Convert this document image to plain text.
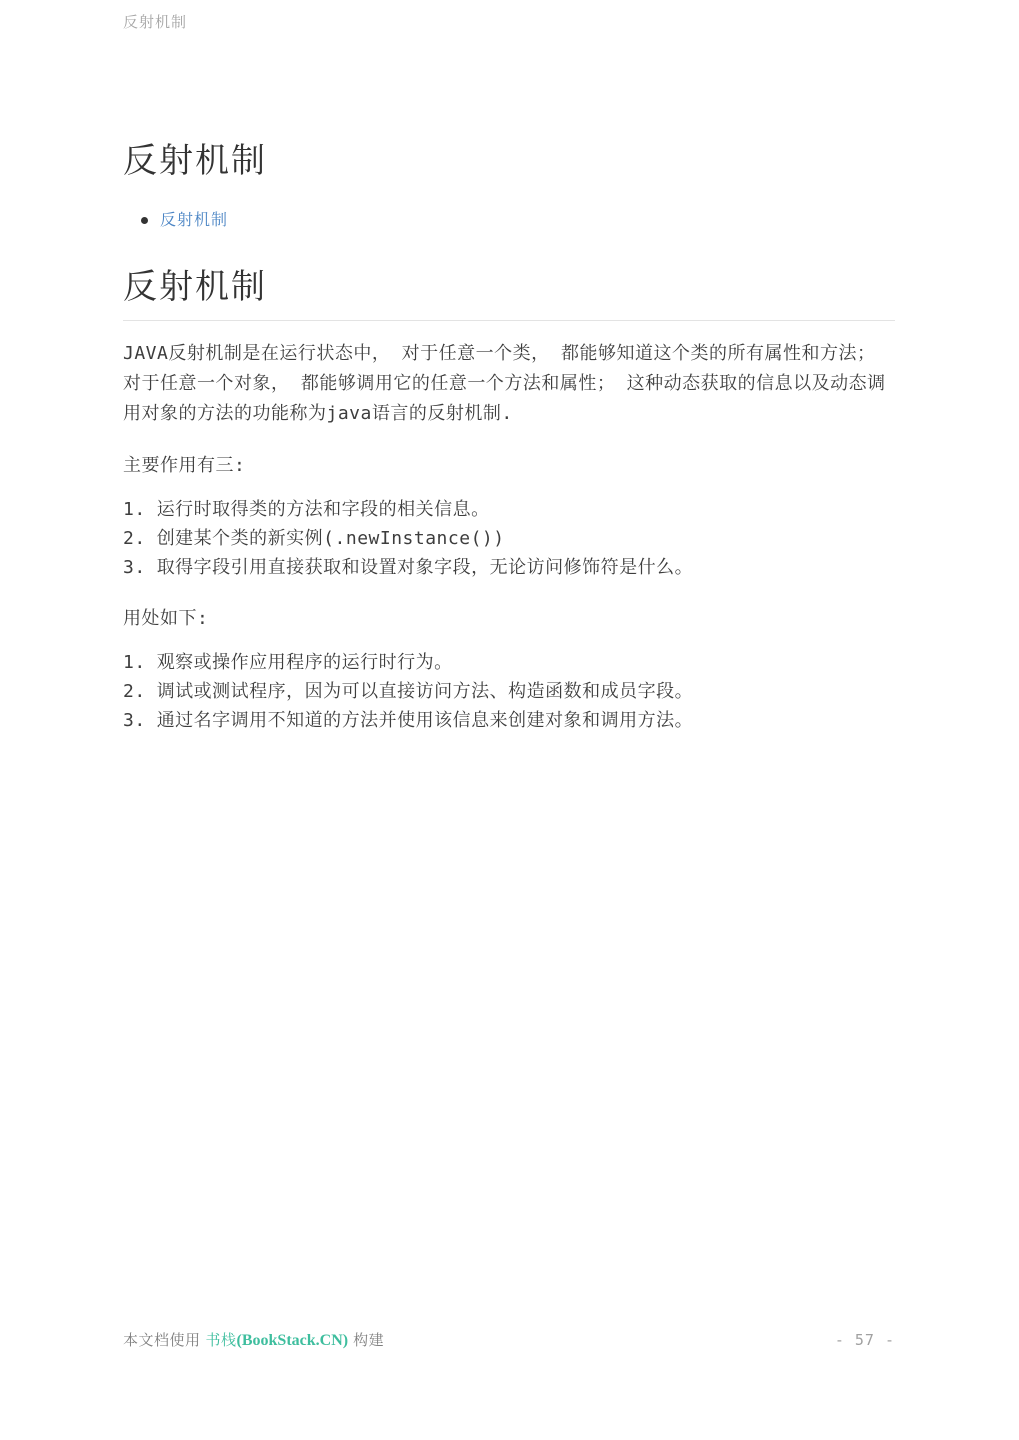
反射机制
反射机制
反射机制
反射机制

JAVA反射机制是在运行状态中， 对于任意一个类， 都能够知道这个类的所有属性和方法； 对于任意一个对象， 都能够调用它的任意一个方法和属性； 这种动态获取的信息以及动态调用对象的方法的功能称为java语言的反射机制.

主要作用有三:

1. 运行时取得类的方法和字段的相关信息。
2. 创建某个类的新实例(.newInstance())
3. 取得字段引用直接获取和设置对象字段，无论访问修饰符是什么。

用处如下:

1. 观察或操作应用程序的运行时行为。
2. 调试或测试程序，因为可以直接访问方法、构造函数和成员字段。
3. 通过名字调用不知道的方法并使用该信息来创建对象和调用方法。
本文档使用 书栈(BookStack.CN) 构建	- 57 -
